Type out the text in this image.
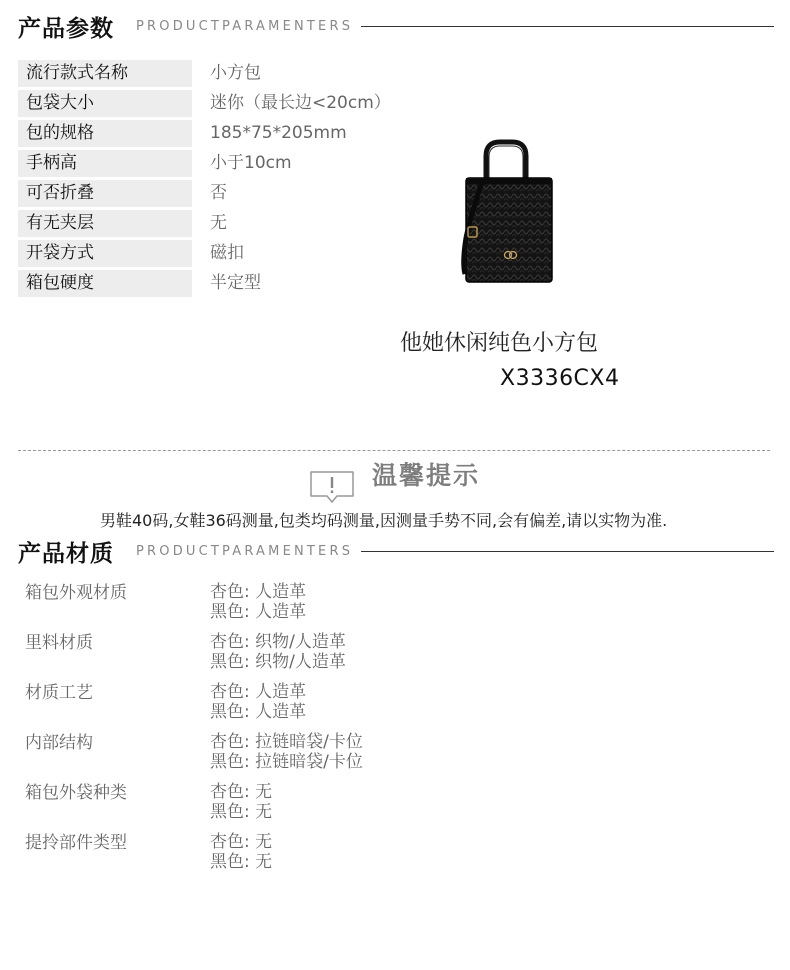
产品参数 PRODUCTPARAMENTERS
流行款式名称	小方包
包袋大小	迷你（最长边<20cm）
包的规格	185*75*205mm
手柄高	小于10cm
可否折叠	否
有无夹层	无
开袋方式	磁扣
箱包硬度	半定型
他她休闲纯色小方包
X3336CX4
温馨提示
男鞋40码,女鞋36码测量,包类均码测量,因测量手势不同,会有偏差,请以实物为准.
产品材质 PRODUCTPARAMENTERS
箱包外观材质	杏色: 人造革
黑色: 人造革
里料材质	杏色: 织物/人造革
黑色: 织物/人造革
材质工艺	杏色: 人造革
黑色: 人造革
内部结构	杏色: 拉链暗袋/卡位
黑色: 拉链暗袋/卡位
箱包外袋种类	杏色: 无
黑色: 无
提拎部件类型	杏色: 无
黑色: 无
